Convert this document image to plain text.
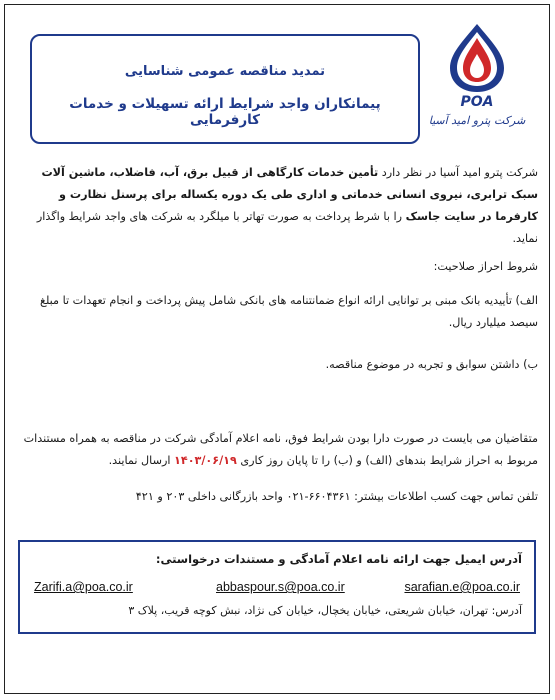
تمدید مناقصه عمومی شناسایی
پیمانکاران واجد شرایط ارائه تسهیلات و خدمات کارفرمایی
POA
شرکت پترو امید آسیا
شرکت پترو امید آسیا در نظر دارد تأمین خدمات کارگاهی از قبیل برق، آب، فاضلاب، ماشین آلات سبک ترابری، نیروی انسانی خدماتی و اداری طی یک دوره یکساله برای پرسنل نظارت و کارفرما در سایت جاسک را با شرط پرداخت به صورت تهاتر با میلگرد به شرکت های واجد شرایط واگذار نماید.
شروط احراز صلاحیت:
الف) تأییدیه بانک مبنی بر توانایی ارائه انواع ضمانتنامه های بانکی شامل پیش پرداخت و انجام تعهدات تا مبلغ سیصد میلیارد ریال.
ب) داشتن سوابق و تجربه در موضوع مناقصه.
متقاضیان می بایست در صورت دارا بودن شرایط فوق، نامه اعلام آمادگی شرکت در مناقصه به همراه مستندات مربوط به احراز شرایط بندهای (الف) و (ب) را تا پایان روز کاری ۱۴۰۳/۰۶/۱۹ ارسال نمایند.
تلفن تماس جهت کسب اطلاعات بیشتر: ۶۶۰۴۳۶۱-۰۲۱ واحد بازرگانی داخلی ۲۰۳ و ۴۲۱
آدرس ایمیل جهت ارائه نامه اعلام آمادگی و مستندات درخواستی:
Zarifi.a@poa.co.ir	abbaspour.s@poa.co.ir	sarafian.e@poa.co.ir
آدرس: تهران، خیابان شریعتی، خیابان یخچال، خیابان کی نژاد، نبش کوچه قریب، پلاک ۳
